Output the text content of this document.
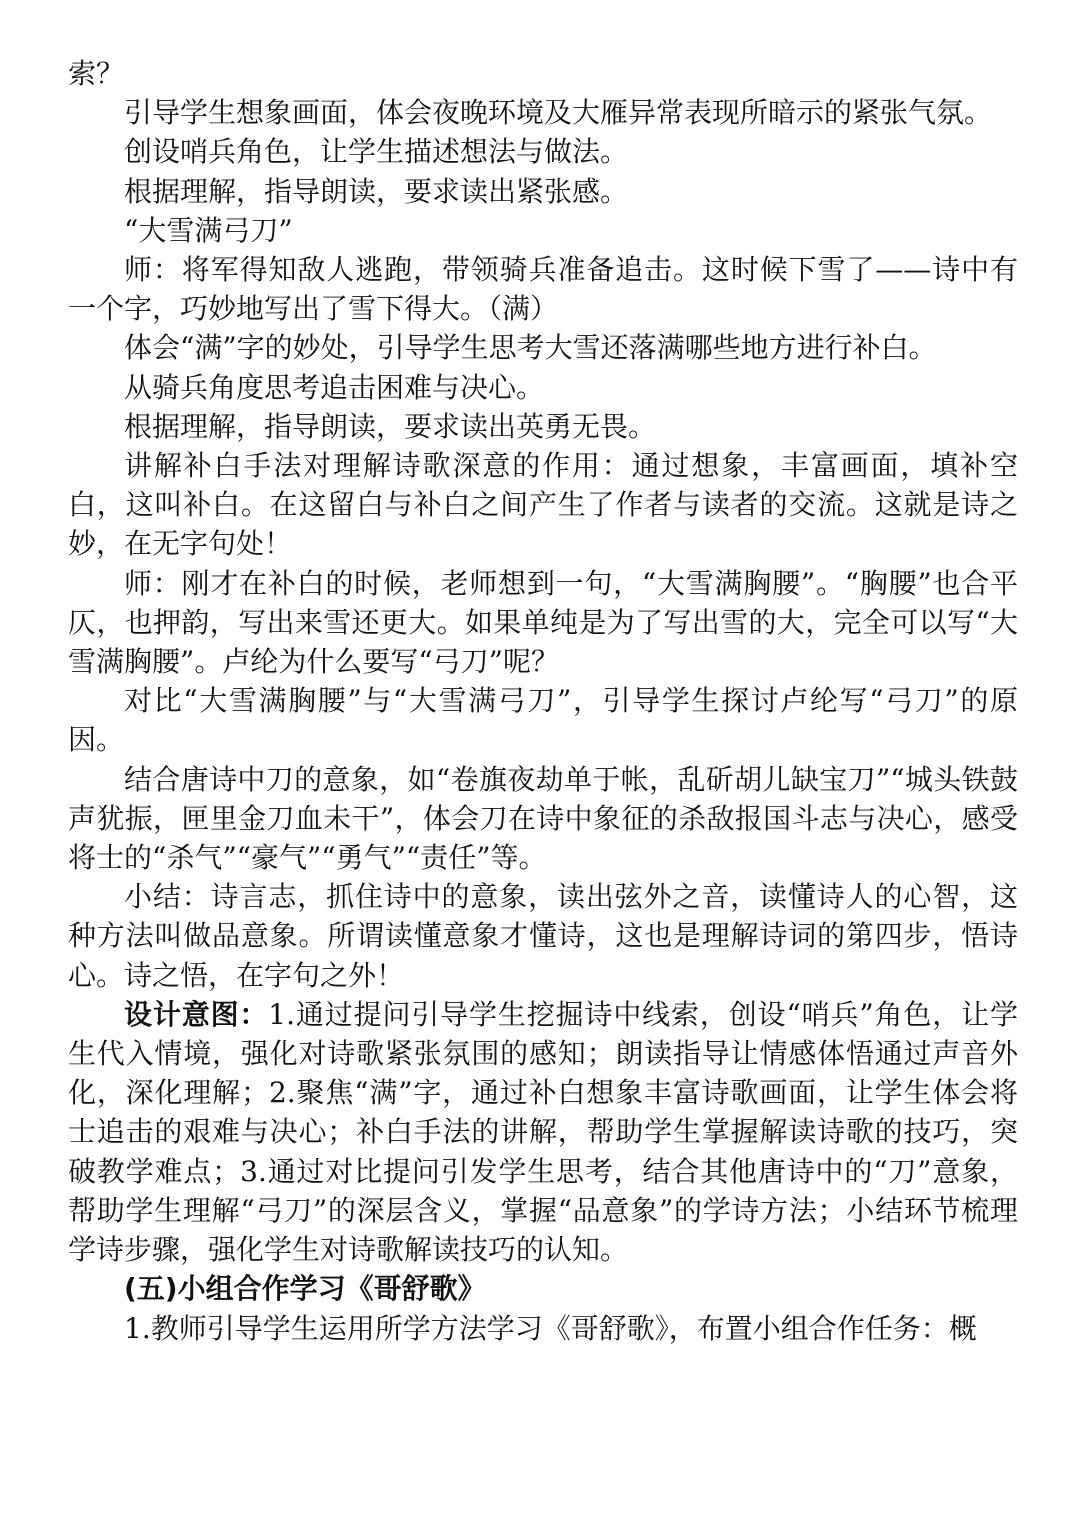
索？

引导学生想象画面，体会夜晚环境及大雁异常表现所暗示的紧张气氛。

创设哨兵角色，让学生描述想法与做法。

根据理解，指导朗读，要求读出紧张感。

“大雪满弓刀”

师：将军得知敌人逃跑，带领骑兵准备追击。这时候下雪了——诗中有一个字，巧妙地写出了雪下得大。（满）

体会“满”字的妙处，引导学生思考大雪还落满哪些地方进行补白。

从骑兵角度思考追击困难与决心。

根据理解，指导朗读，要求读出英勇无畏。

讲解补白手法对理解诗歌深意的作用：通过想象，丰富画面，填补空白，这叫补白。在这留白与补白之间产生了作者与读者的交流。这就是诗之妙，在无字句处！

师：刚才在补白的时候，老师想到一句，“大雪满胸腰”。“胸腰”也合平仄，也押韵，写出来雪还更大。如果单纯是为了写出雪的大，完全可以写“大雪满胸腰”。卢纶为什么要写“弓刀”呢？

对比“大雪满胸腰”与“大雪满弓刀”，引导学生探讨卢纶写“弓刀”的原因。

结合唐诗中刀的意象，如“卷旗夜劫单于帐，乱斫胡儿缺宝刀”“城头铁鼓声犹振，匣里金刀血未干”，体会刀在诗中象征的杀敌报国斗志与决心，感受将士的“杀气”“豪气”“勇气”“责任”等。

小结：诗言志，抓住诗中的意象，读出弦外之音，读懂诗人的心智，这种方法叫做品意象。所谓读懂意象才懂诗，这也是理解诗词的第四步，悟诗心。诗之悟，在字句之外！

设计意图：1.通过提问引导学生挖掘诗中线索，创设“哨兵”角色，让学生代入情境，强化对诗歌紧张氛围的感知；朗读指导让情感体悟通过声音外化，深化理解；2.聚焦“满”字，通过补白想象丰富诗歌画面，让学生体会将士追击的艰难与决心；补白手法的讲解，帮助学生掌握解读诗歌的技巧，突破教学难点；3.通过对比提问引发学生思考，结合其他唐诗中的“刀”意象，帮助学生理解“弓刀”的深层含义，掌握“品意象”的学诗方法；小结环节梳理学诗步骤，强化学生对诗歌解读技巧的认知。

(五)小组合作学习《哥舒歌》

1.教师引导学生运用所学方法学习《哥舒歌》，布置小组合作任务：概
